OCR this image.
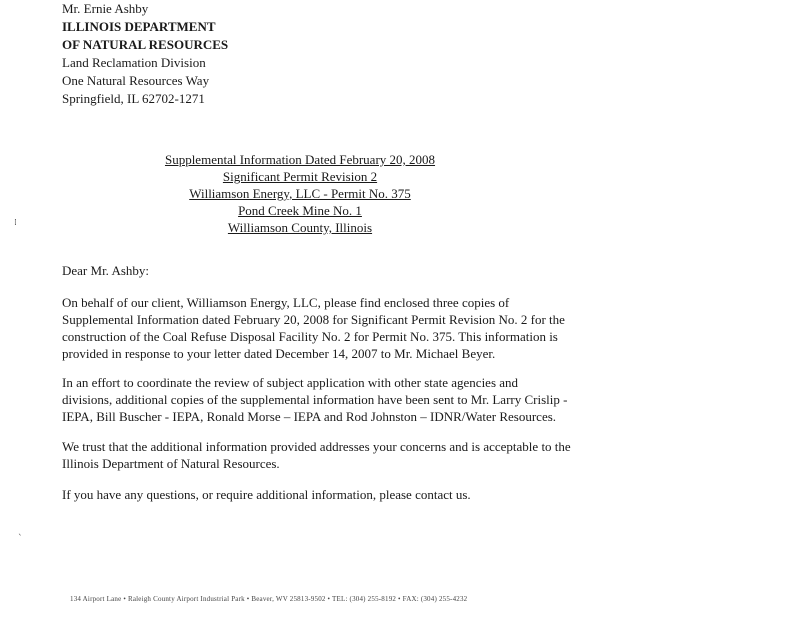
Mr. Ernie Ashby
ILLINOIS DEPARTMENT
OF NATURAL RESOURCES
Land Reclamation Division
One Natural Resources Way
Springfield, IL 62702-1271
Supplemental Information Dated February 20, 2008
Significant Permit Revision 2
Williamson Energy, LLC - Permit No. 375
Pond Creek Mine No. 1
Williamson County, Illinois
⁞
`
Dear Mr. Ashby:
On behalf of our client, Williamson Energy, LLC, please find enclosed three copies of
Supplemental Information dated February 20, 2008 for Significant Permit Revision No. 2 for the
construction of the Coal Refuse Disposal Facility No. 2 for Permit No. 375. This information is
provided in response to your letter dated December 14, 2007 to Mr. Michael Beyer.
In an effort to coordinate the review of subject application with other state agencies and
divisions, additional copies of the supplemental information have been sent to Mr. Larry Crislip -
IEPA, Bill Buscher - IEPA, Ronald Morse – IEPA and Rod Johnston – IDNR/Water Resources.
We trust that the additional information provided addresses your concerns and is acceptable to the
Illinois Department of Natural Resources.
If you have any questions, or require additional information, please contact us.
134 Airport Lane • Raleigh County Airport Industrial Park • Beaver, WV 25813-9502 • TEL: (304) 255-8192 • FAX: (304) 255-4232
